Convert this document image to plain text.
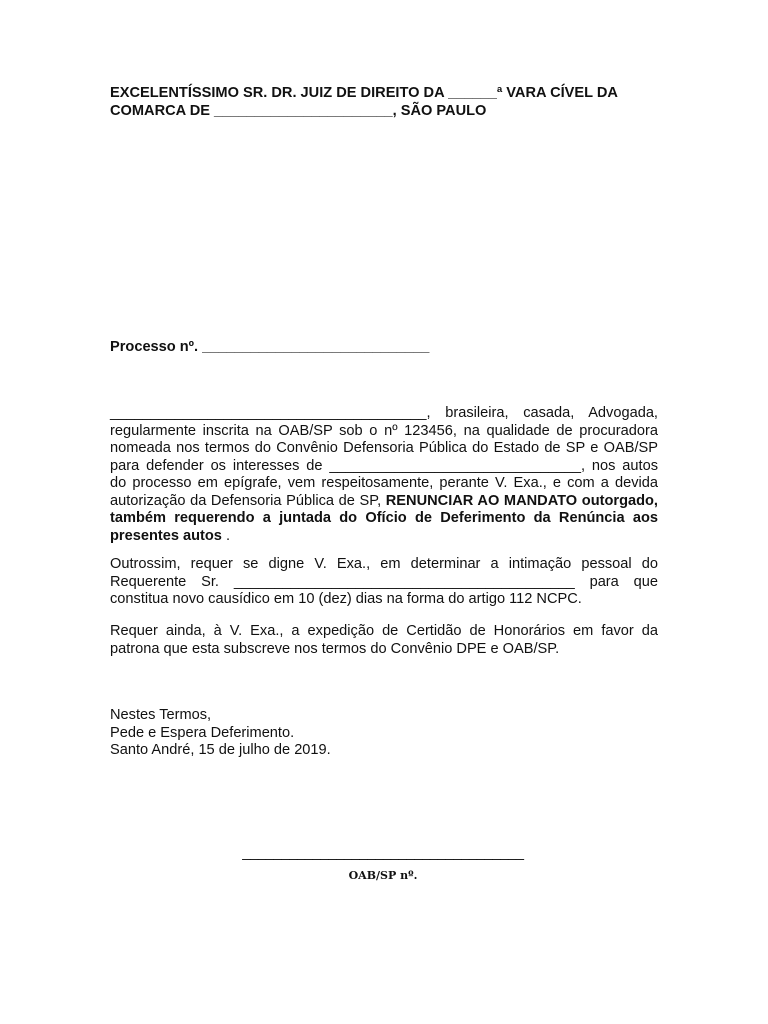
EXCELENTÍSSIMO SR. DR. JUIZ DE DIREITO DA ______ª VARA CÍVEL DA

COMARCA DE ______________________, SÃO PAULO

Processo nº. ____________________________
_______________________________________, brasileira, casada, Advogada, regularmente inscrita na OAB/SP sob o nº 123456, na qualidade de procuradora nomeada nos termos do Convênio Defensoria Pública do Estado de SP e OAB/SP para defender os interesses de _______________________________, nos autos do processo em epígrafe, vem respeitosamente, perante V. Exa., e com a devida autorização da Defensoria Pública de SP, RENUNCIAR AO MANDATO outorgado, também requerendo a juntada do Ofício de Deferimento da Renúncia aos presentes autos .
Outrossim, requer se digne V. Exa., em determinar a intimação pessoal do Requerente Sr. __________________________________________ para que constitua novo causídico em 10 (dez) dias na forma do artigo 112 NCPC.
Requer ainda, à V. Exa., a expedição de Certidão de Honorários em favor da patrona que esta subscreve nos termos do Convênio DPE e OAB/SP.

Nestes Termos,

Pede e Espera Deferimento.

Santo André, 15 de julho de 2019.

____________________________________
OAB/SP nº.
